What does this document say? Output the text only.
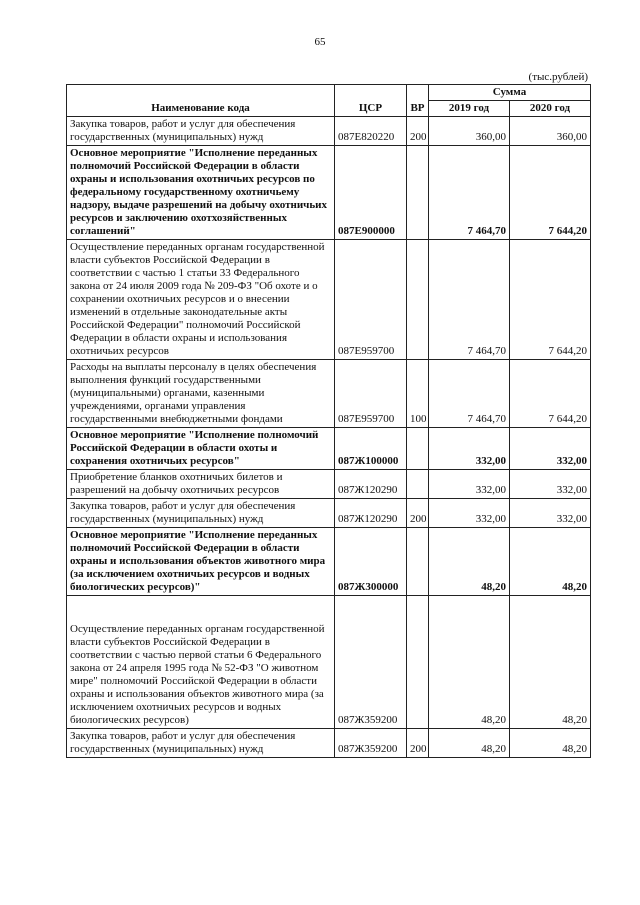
65
(тыс.рублей)
Наименование кода	ЦСР	ВР	Сумма	
			2019 год	2020 год
Закупка товаров, работ и услуг для обеспечения государственных (муниципальных) нужд	087Е820220	200	360,00	360,00
Основное мероприятие "Исполнение переданных полномочий Российской Федерации в области охраны и использования охотничьих ресурсов по федеральному государственному охотничьему надзору, выдаче разрешений на добычу охотничьих ресурсов и заключению охотхозяйственных соглашений"	087Е900000		7 464,70	7 644,20
Осуществление переданных органам государственной власти субъектов Российской Федерации в соответствии с частью 1 статьи 33 Федерального закона от 24 июля 2009 года № 209-ФЗ "Об охоте и о сохранении охотничьих ресурсов и о внесении изменений в отдельные законодательные акты Российской Федерации" полномочий Российской Федерации в области охраны и использования охотничьих ресурсов	087Е959700		7 464,70	7 644,20
Расходы на выплаты персоналу в целях обеспечения выполнения функций государственными (муниципальными) органами, казенными учреждениями, органами управления государственными внебюджетными фондами	087Е959700	100	7 464,70	7 644,20
Основное мероприятие "Исполнение полномочий Российской Федерации в области охоты и сохранения охотничьих ресурсов"	087Ж100000		332,00	332,00
Приобретение бланков охотничьих билетов и разрешений на добычу охотничьих ресурсов	087Ж120290		332,00	332,00
Закупка товаров, работ и услуг для обеспечения государственных (муниципальных) нужд	087Ж120290	200	332,00	332,00
Основное мероприятие "Исполнение переданных полномочий Российской Федерации в области охраны и использования объектов животного мира (за исключением охотничьих ресурсов и водных биологических ресурсов)"	087Ж300000		48,20	48,20

Осуществление переданных органам государственной власти субъектов Российской Федерации в соответствии с частью первой статьи 6 Федерального закона от 24 апреля 1995 года № 52-ФЗ "О животном мире" полномочий Российской Федерации в области охраны и использования объектов животного мира (за исключением охотничьих ресурсов и водных биологических ресурсов)	087Ж359200		48,20	48,20
Закупка товаров, работ и услуг для обеспечения государственных (муниципальных) нужд	087Ж359200	200	48,20	48,20
